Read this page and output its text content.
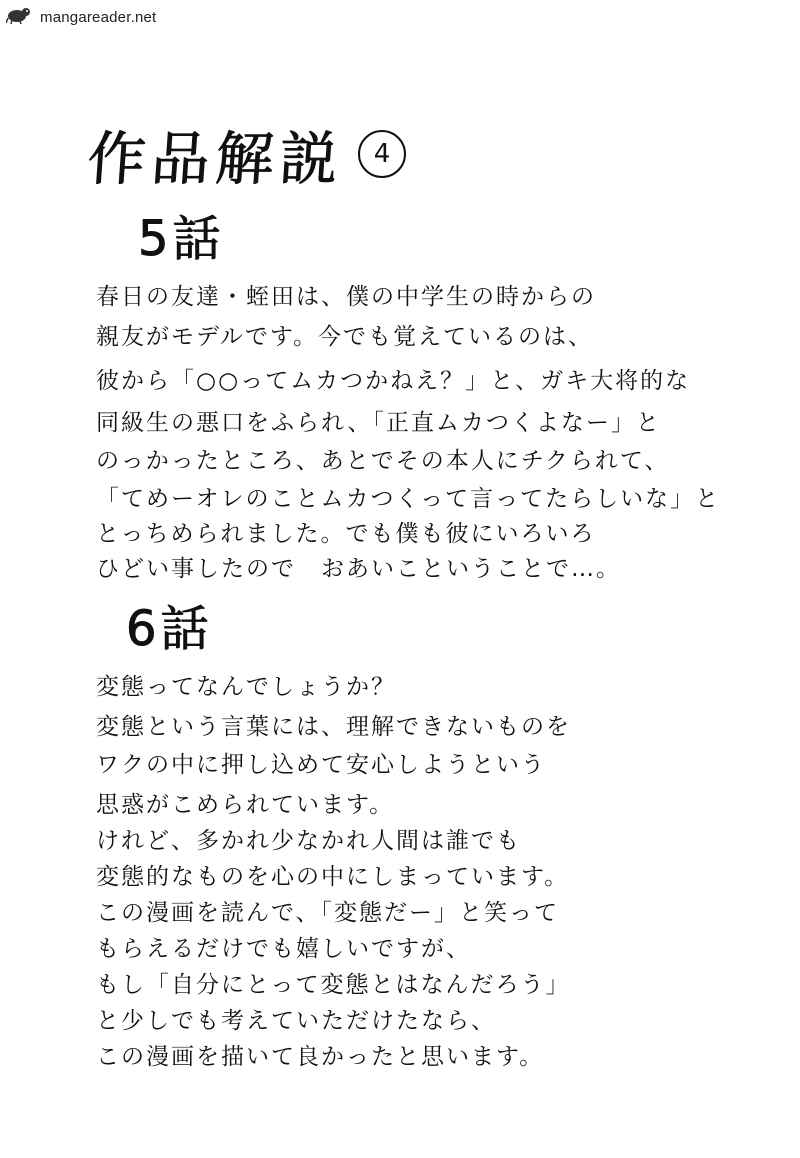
mangareader.net
作品解説	4
5話
春日の友達・蛭田は、僕の中学生の時からの
親友がモデルです。今でも覚えているのは、
彼から「○○ってムカつかねえ？」と、ガキ大将的な
同級生の悪口をふられ、「正直ムカつくよなー」と
のっかったところ、あとでその本人にチクられて、
「てめーオレのことムカつくって言ってたらしいな」と
とっちめられました。でも僕も彼にいろいろ
ひどい事したので　おあいこということで…。
6話
変態ってなんでしょうか？
変態という言葉には、理解できないものを
ワクの中に押し込めて安心しようという
思惑がこめられています。
けれど、多かれ少なかれ人間は誰でも
変態的なものを心の中にしまっています。
この漫画を読んで、「変態だー」と笑って
もらえるだけでも嬉しいですが、
もし「自分にとって変態とはなんだろう」
と少しでも考えていただけたなら、
この漫画を描いて良かったと思います。
